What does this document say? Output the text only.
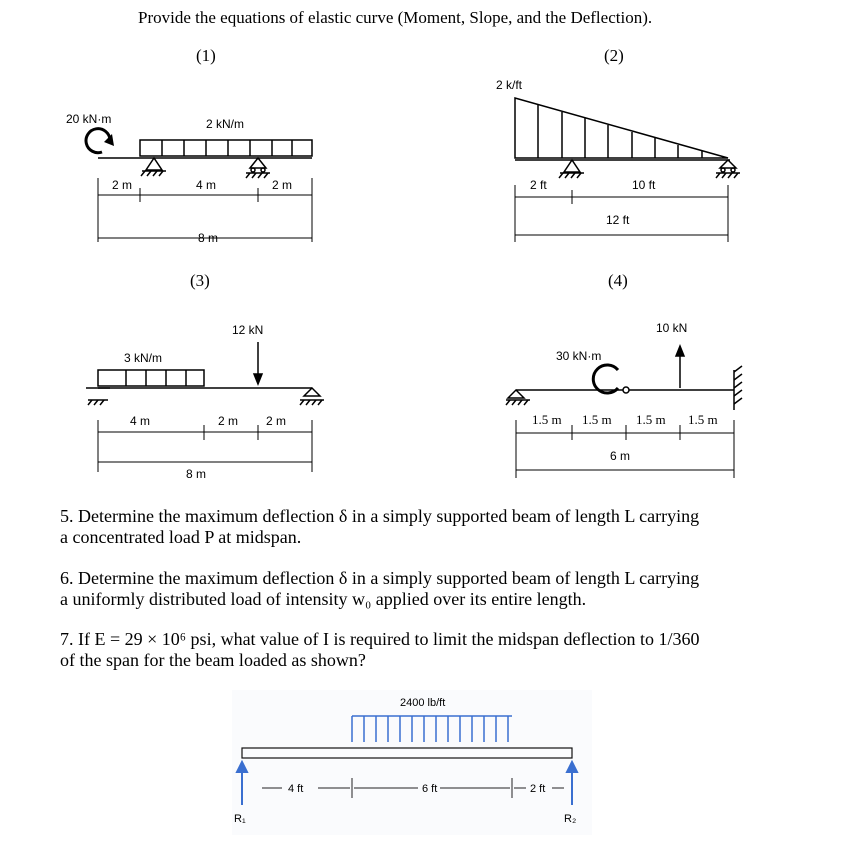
Provide the equations of elastic curve (Moment, Slope, and the Deflection).
(1)	(2)
(3)	(4)
2 m	4 m	2 m
8 m
20 kN·m	2 kN/m
2 ft	10 ft
12 ft
2 k/ft
4 m	2 m 2 m
8 m
3 kN/m
12 kN
1.5 m 1.5 m 1.5 m 1.5 m
6 m
30 kN·m
10 kN
5. Determine the maximum deflection δ in a simply supported beam of length L carrying
a concentrated load P at midspan.
6. Determine the maximum deflection δ in a simply supported beam of length L carrying
a uniformly distributed load of intensity w₀ applied over its entire length.
7. If E = 29 × 10⁶ psi, what value of I is required to limit the midspan deflection to 1/360
of the span for the beam loaded as shown?
2400 lb/ft
4 ft	6 ft	2 ft
R₁	R₂
